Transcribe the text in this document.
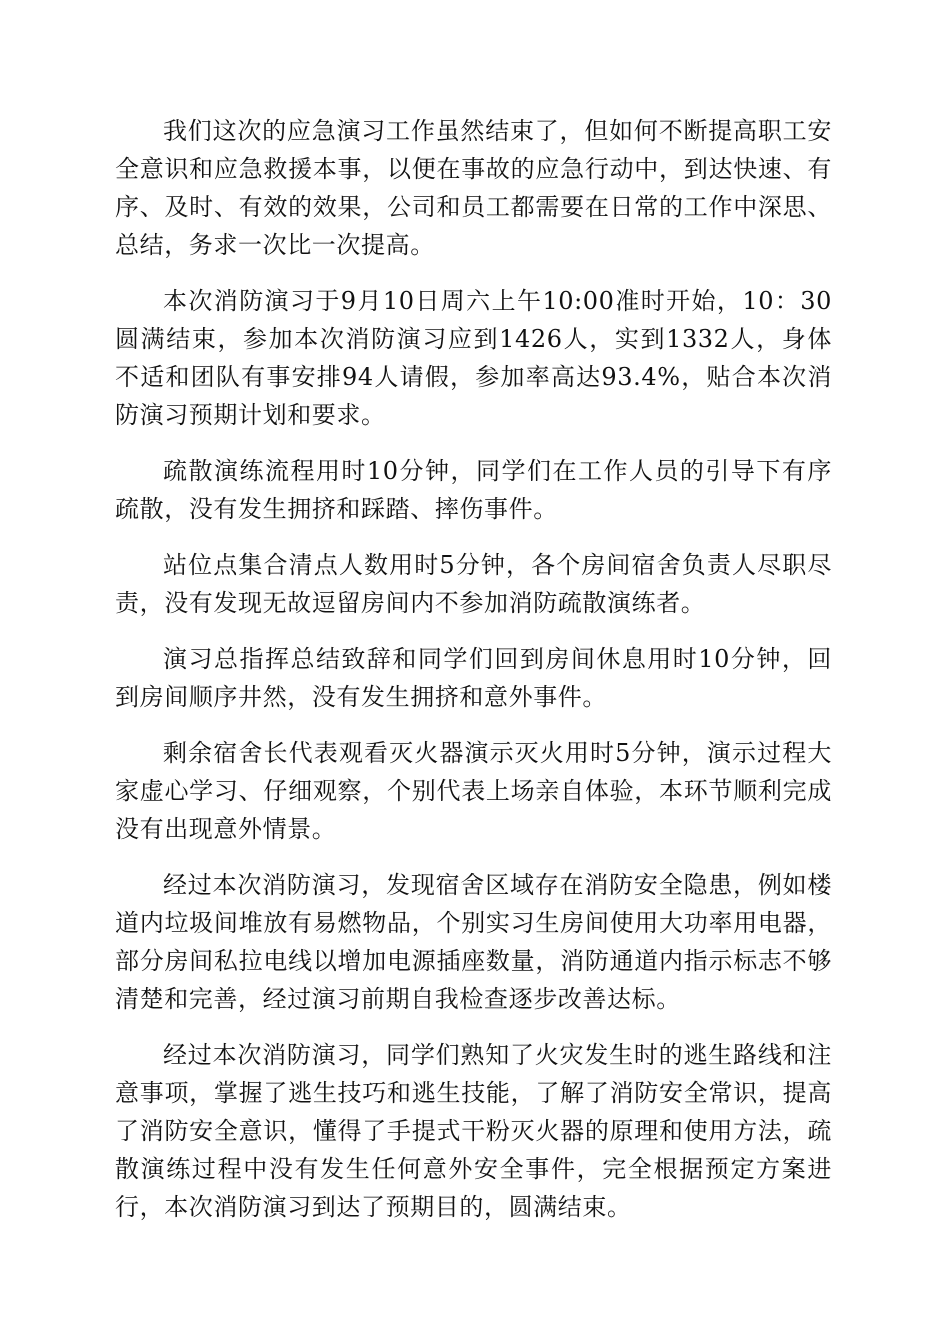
我们这次的应急演习工作虽然结束了，但如何不断提高职工安全意识和应急救援本事，以便在事故的应急行动中，到达快速、有序、及时、有效的效果，公司和员工都需要在日常的工作中深思、总结，务求一次比一次提高。

本次消防演习于9月10日周六上午10:00准时开始，10：30圆满结束，参加本次消防演习应到1426人，实到1332人，身体不适和团队有事安排94人请假，参加率高达93.4%，贴合本次消防演习预期计划和要求。

疏散演练流程用时10分钟，同学们在工作人员的引导下有序疏散，没有发生拥挤和踩踏、摔伤事件。

站位点集合清点人数用时5分钟，各个房间宿舍负责人尽职尽责，没有发现无故逗留房间内不参加消防疏散演练者。

演习总指挥总结致辞和同学们回到房间休息用时10分钟，回到房间顺序井然，没有发生拥挤和意外事件。

剩余宿舍长代表观看灭火器演示灭火用时5分钟，演示过程大家虚心学习、仔细观察，个别代表上场亲自体验，本环节顺利完成没有出现意外情景。

经过本次消防演习，发现宿舍区域存在消防安全隐患，例如楼道内垃圾间堆放有易燃物品，个别实习生房间使用大功率用电器，部分房间私拉电线以增加电源插座数量，消防通道内指示标志不够清楚和完善，经过演习前期自我检查逐步改善达标。

经过本次消防演习，同学们熟知了火灾发生时的逃生路线和注意事项，掌握了逃生技巧和逃生技能，了解了消防安全常识，提高了消防安全意识，懂得了手提式干粉灭火器的原理和使用方法，疏散演练过程中没有发生任何意外安全事件，完全根据预定方案进行，本次消防演习到达了预期目的，圆满结束。
